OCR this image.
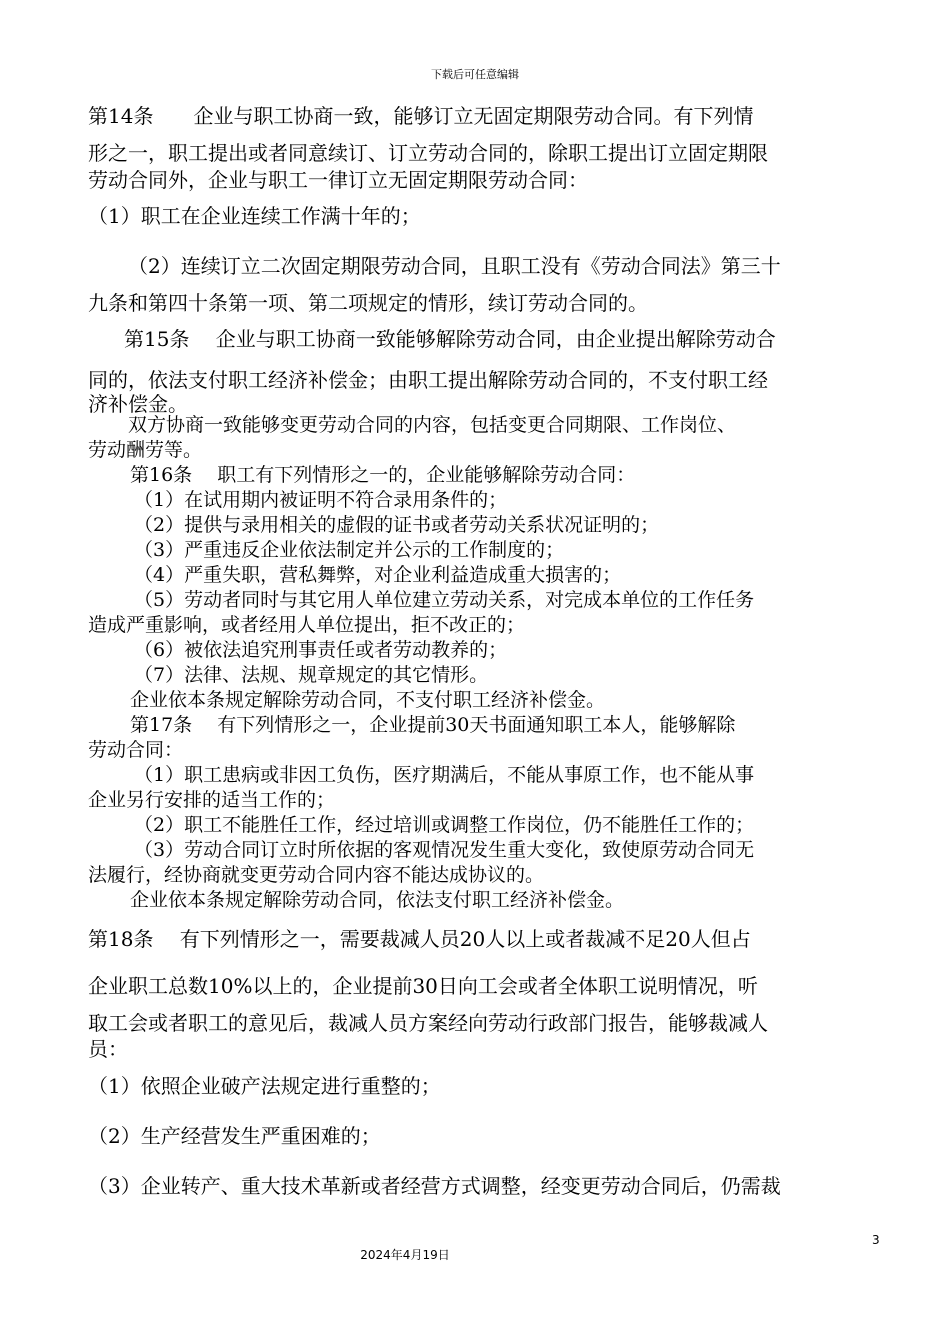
下载后可任意编辑
第14条　　企业与职工协商一致，能够订立无固定期限劳动合同。有下列情
形之一，职工提出或者同意续订、订立劳动合同的，除职工提出订立固定期限
劳动合同外，企业与职工一律订立无固定期限劳动合同：
（1）职工在企业连续工作满十年的；
（2）连续订立二次固定期限劳动合同，且职工没有《劳动合同法》第三十
九条和第四十条第一项、第二项规定的情形，续订劳动合同的。
第15条　 企业与职工协商一致能够解除劳动合同，由企业提出解除劳动合
同的，依法支付职工经济补偿金；由职工提出解除劳动合同的，不支付职工经
济补偿金。
双方协商一致能够变更劳动合同的内容，包括变更合同期限、工作岗位、
劳动酬劳等。
第16条　 职工有下列情形之一的，企业能够解除劳动合同：
（1）在试用期内被证明不符合录用条件的；
（2）提供与录用相关的虚假的证书或者劳动关系状况证明的；
（3）严重违反企业依法制定并公示的工作制度的；
（4）严重失职，营私舞弊，对企业利益造成重大损害的；
（5）劳动者同时与其它用人单位建立劳动关系，对完成本单位的工作任务
造成严重影响，或者经用人单位提出，拒不改正的；
（6）被依法追究刑事责任或者劳动教养的；
（7）法律、法规、规章规定的其它情形。
企业依本条规定解除劳动合同，不支付职工经济补偿金。
第17条　 有下列情形之一，企业提前30天书面通知职工本人，能够解除
劳动合同：
（1）职工患病或非因工负伤，医疗期满后，不能从事原工作，也不能从事
企业另行安排的适当工作的；
（2）职工不能胜任工作，经过培训或调整工作岗位，仍不能胜任工作的；
（3）劳动合同订立时所依据的客观情况发生重大变化，致使原劳动合同无
法履行，经协商就变更劳动合同内容不能达成协议的。
企业依本条规定解除劳动合同，依法支付职工经济补偿金。
第18条　 有下列情形之一，需要裁减人员20人以上或者裁减不足20人但占
企业职工总数10%以上的，企业提前30日向工会或者全体职工说明情况，听
取工会或者职工的意见后，裁减人员方案经向劳动行政部门报告，能够裁减人
员：
（1）依照企业破产法规定进行重整的；
（2）生产经营发生严重困难的；
（3）企业转产、重大技术革新或者经营方式调整，经变更劳动合同后，仍需裁
3
2024年4月19日
